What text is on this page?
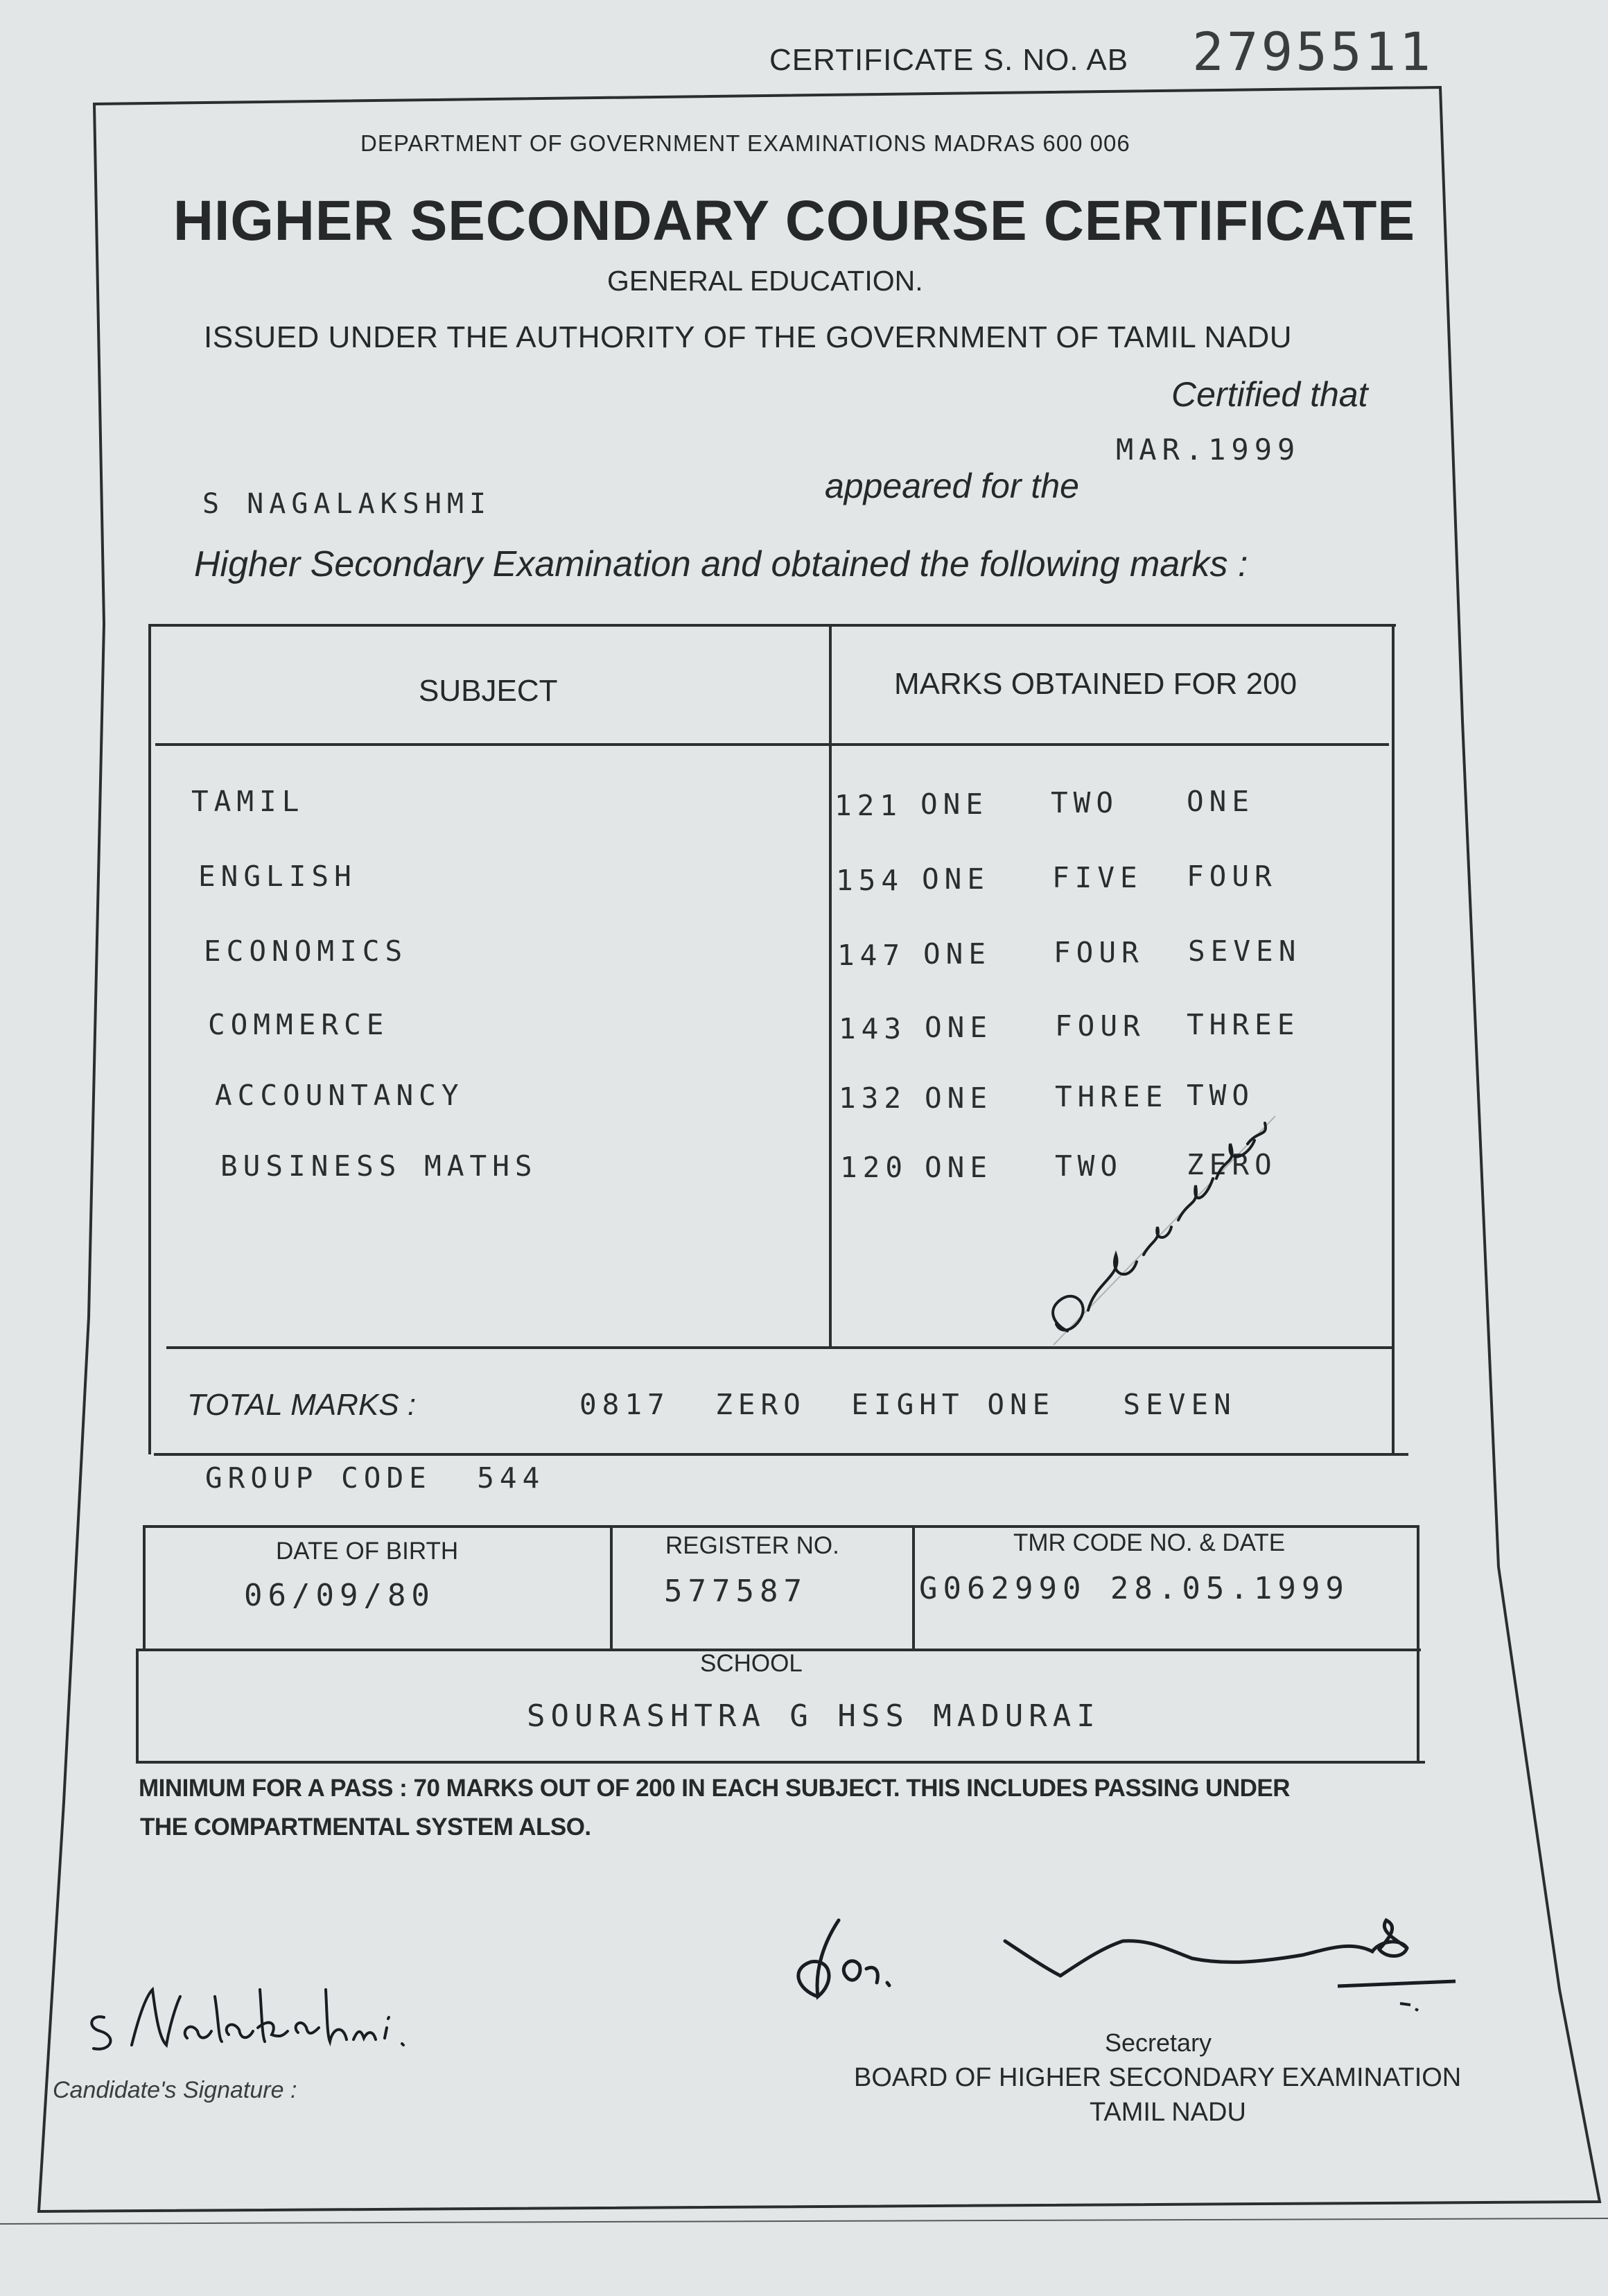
CERTIFICATE S. NO. AB 2795511
DEPARTMENT OF GOVERNMENT EXAMINATIONS MADRAS 600 006
HIGHER SECONDARY COURSE CERTIFICATE
GENERAL EDUCATION.
ISSUED UNDER THE AUTHORITY OF THE GOVERNMENT OF TAMIL NADU
Certified that
MAR.1999
S NAGALAKSHMI	appeared for the
Higher Secondary Examination and obtained the following marks :
SUBJECT	MARKS OBTAINED FOR 200
TAMIL	121 ONE TWO ONE
ENGLISH	154 ONE FIVE FOUR
ECONOMICS	147 ONE FOUR SEVEN
COMMERCE	143 ONE FOUR THREE
ACCOUNTANCY	132 ONE THREE TWO
BUSINESS MATHS	120 ONE TWO ZERO
TOTAL MARKS :	0817  ZERO  EIGHT ONE   SEVEN
GROUP CODE  544
DATE OF BIRTH
06/09/80
REGISTER NO.
577587
TMR CODE NO. & DATE
G062990 28.05.1999
SCHOOL
SOURASHTRA G HSS MADURAI
MINIMUM FOR A PASS : 70 MARKS OUT OF 200 IN EACH SUBJECT. THIS INCLUDES PASSING UNDER
THE COMPARTMENTAL SYSTEM ALSO.
Candidate's Signature :
Secretary
BOARD OF HIGHER SECONDARY EXAMINATION
TAMIL NADU
